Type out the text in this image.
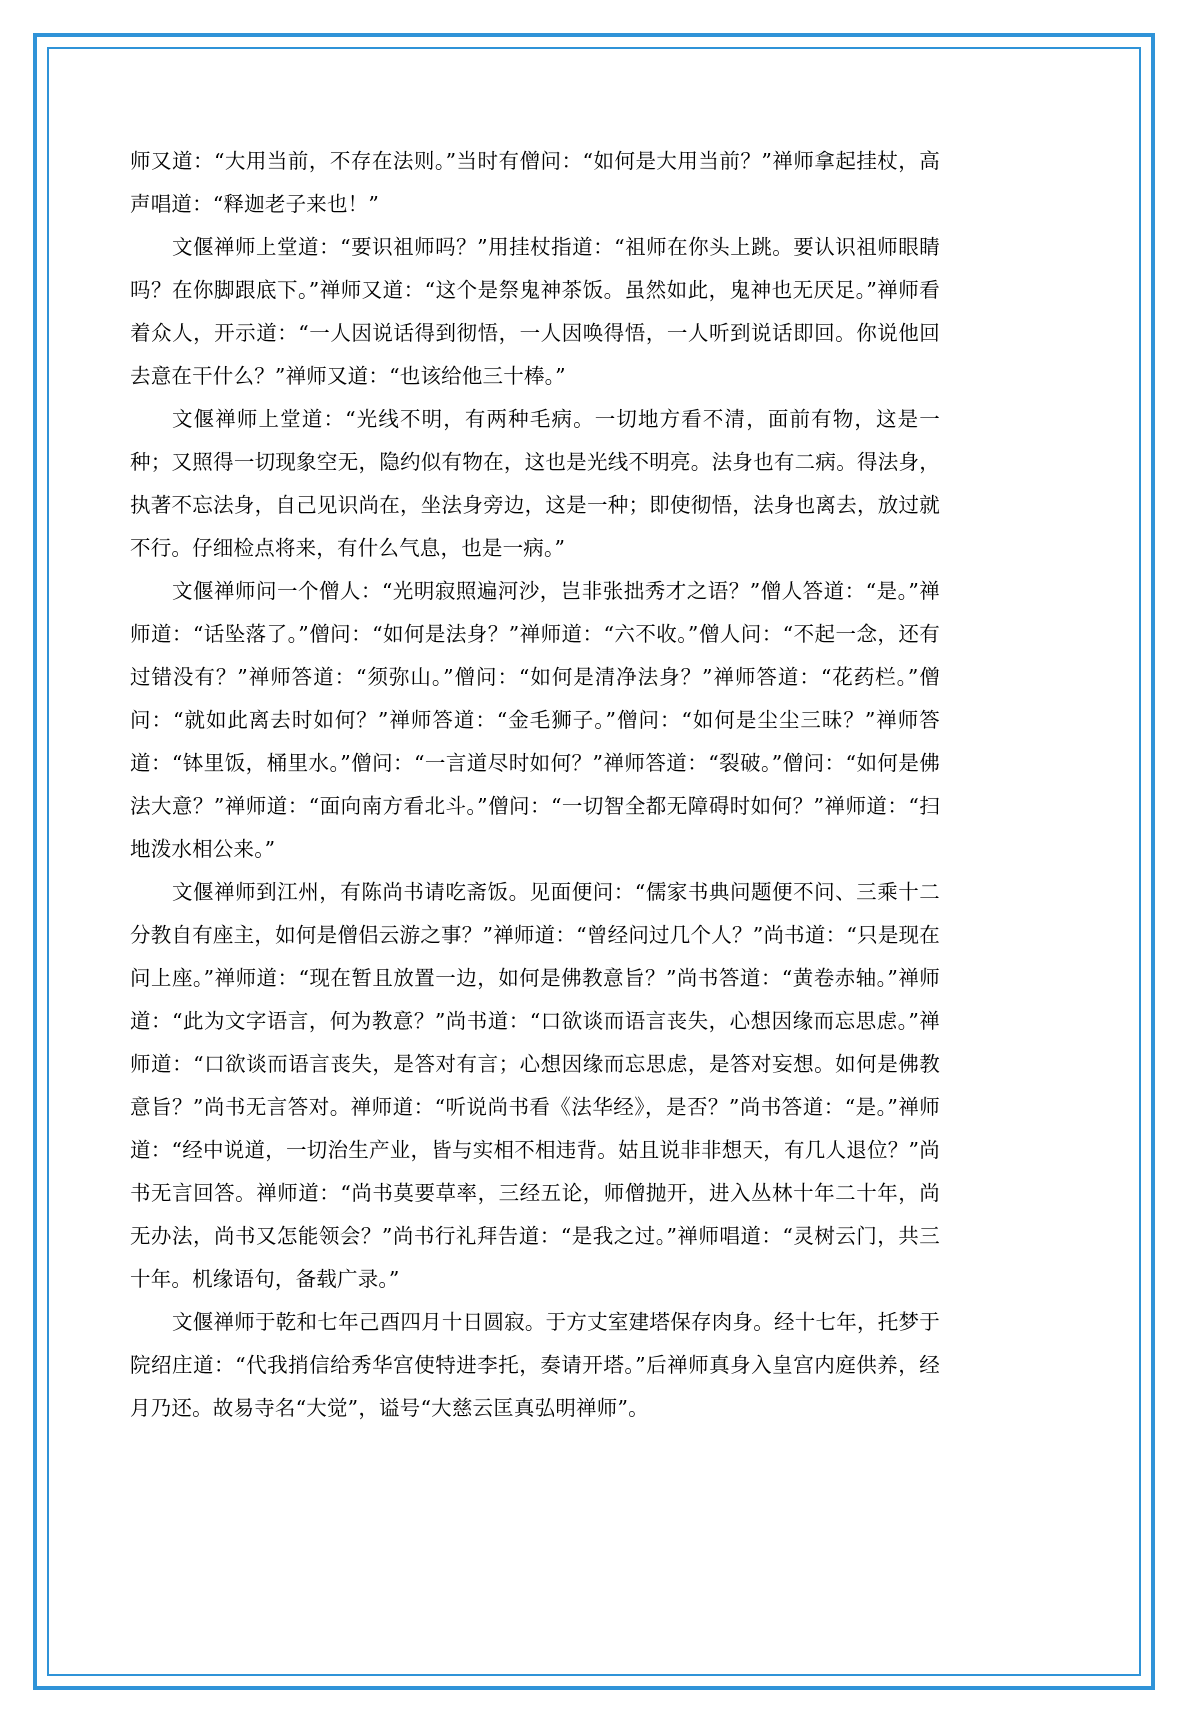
师又道：“大用当前，不存在法则。”当时有僧问：“如何是大用当前？”禅师拿起挂杖，高声唱道：“释迦老子来也！”

文偃禅师上堂道：“要识祖师吗？”用挂杖指道：“祖师在你头上跳。要认识祖师眼睛吗？在你脚跟底下。”禅师又道：“这个是祭鬼神茶饭。虽然如此，鬼神也无厌足。”禅师看着众人，开示道：“一人因说话得到彻悟，一人因唤得悟，一人听到说话即回。你说他回去意在干什么？”禅师又道：“也该给他三十棒。”

文偃禅师上堂道：“光线不明，有两种毛病。一切地方看不清，面前有物，这是一种；又照得一切现象空无，隐约似有物在，这也是光线不明亮。法身也有二病。得法身，执著不忘法身，自己见识尚在，坐法身旁边，这是一种；即使彻悟，法身也离去，放过就不行。仔细检点将来，有什么气息，也是一病。”

文偃禅师问一个僧人：“光明寂照遍河沙，岂非张拙秀才之语？”僧人答道：“是。”禅师道：“话坠落了。”僧问：“如何是法身？”禅师道：“六不收。”僧人问：“不起一念，还有过错没有？”禅师答道：“须弥山。”僧问：“如何是清净法身？”禅师答道：“花药栏。”僧问：“就如此离去时如何？”禅师答道：“金毛狮子。”僧问：“如何是尘尘三昧？”禅师答道：“钵里饭，桶里水。”僧问：“一言道尽时如何？”禅师答道：“裂破。”僧问：“如何是佛法大意？”禅师道：“面向南方看北斗。”僧问：“一切智全都无障碍时如何？”禅师道：“扫地泼水相公来。”

文偃禅师到江州，有陈尚书请吃斋饭。见面便问：“儒家书典问题便不问、三乘十二分教自有座主，如何是僧侣云游之事？”禅师道：“曾经问过几个人？”尚书道：“只是现在问上座。”禅师道：“现在暂且放置一边，如何是佛教意旨？”尚书答道：“黄卷赤轴。”禅师道：“此为文字语言，何为教意？”尚书道：“口欲谈而语言丧失，心想因缘而忘思虑。”禅师道：“口欲谈而语言丧失，是答对有言；心想因缘而忘思虑，是答对妄想。如何是佛教意旨？”尚书无言答对。禅师道：“听说尚书看《法华经》，是否？”尚书答道：“是。”禅师道：“经中说道，一切治生产业，皆与实相不相违背。姑且说非非想天，有几人退位？”尚书无言回答。禅师道：“尚书莫要草率，三经五论，师僧抛开，进入丛林十年二十年，尚无办法，尚书又怎能领会？”尚书行礼拜告道：“是我之过。”禅师唱道：“灵树云门，共三十年。机缘语句，备载广录。”

文偃禅师于乾和七年己酉四月十日圆寂。于方丈室建塔保存肉身。经十七年，托梦于院绍庄道：“代我捎信给秀华宫使特进李托，奏请开塔。”后禅师真身入皇宫内庭供养，经月乃还。故易寺名“大觉”，谥号“大慈云匡真弘明禅师”。
